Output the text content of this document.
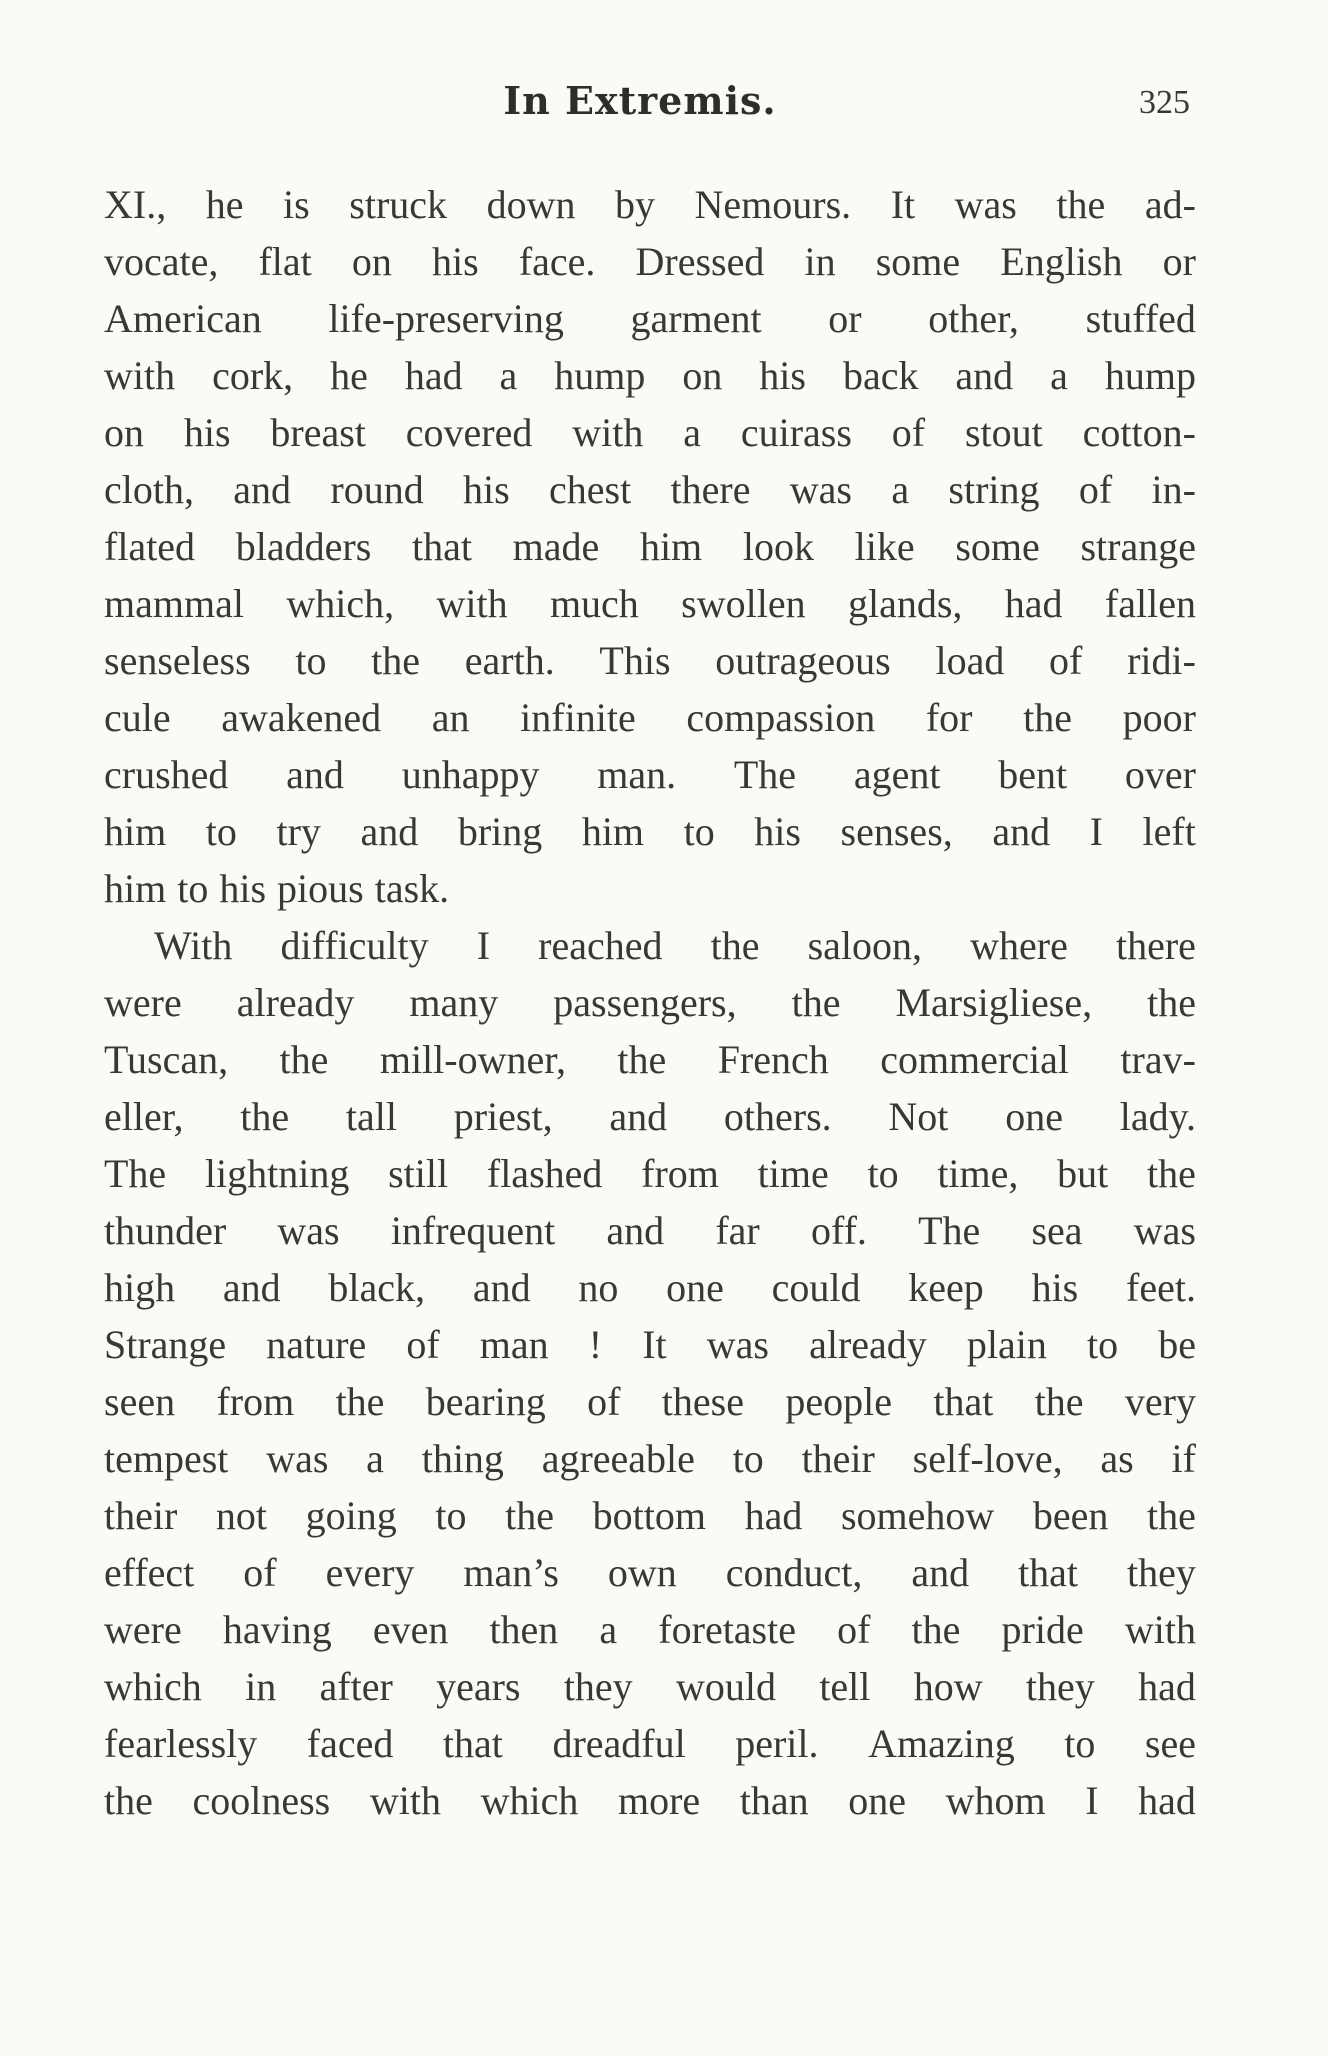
In Extremis.	325
XI., he is struck down by Nemours. It was the ad-
vocate, flat on his face. Dressed in some English or
American life-preserving garment or other, stuffed
with cork, he had a hump on his back and a hump
on his breast covered with a cuirass of stout cotton-
cloth, and round his chest there was a string of in-
flated bladders that made him look like some strange
mammal which, with much swollen glands, had fallen
senseless to the earth. This outrageous load of ridi-
cule awakened an infinite compassion for the poor
crushed and unhappy man. The agent bent over
him to try and bring him to his senses, and I left
him to his pious task.
With difficulty I reached the saloon, where there
were already many passengers, the Marsigliese, the
Tuscan, the mill-owner, the French commercial trav-
eller, the tall priest, and others. Not one lady.
The lightning still flashed from time to time, but the
thunder was infrequent and far off. The sea was
high and black, and no one could keep his feet.
Strange nature of man ! It was already plain to be
seen from the bearing of these people that the very
tempest was a thing agreeable to their self-love, as if
their not going to the bottom had somehow been the
effect of every man’s own conduct, and that they
were having even then a foretaste of the pride with
which in after years they would tell how they had
fearlessly faced that dreadful peril. Amazing to see
the coolness with which more than one whom I had
